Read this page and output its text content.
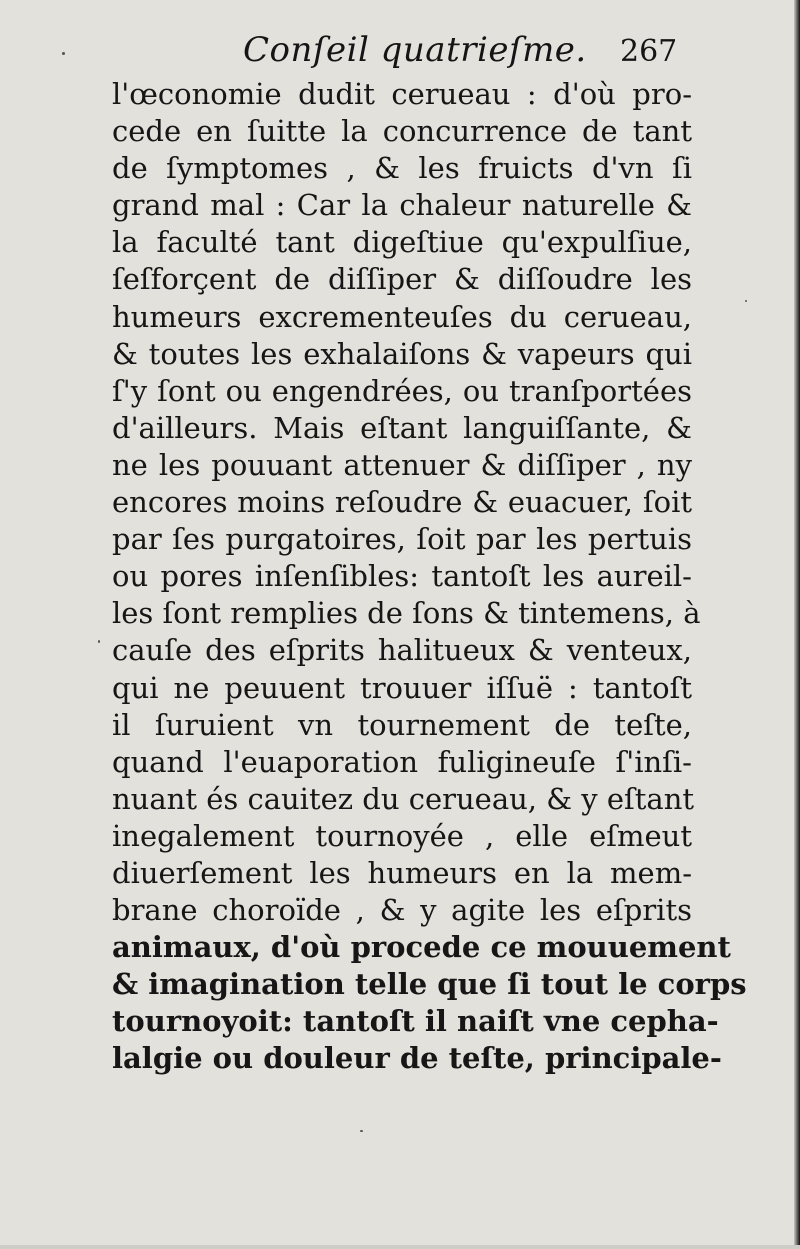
Conſeil quatrieſme. 267
l'œconomie dudit cerueau : d'où pro-
cede en ſuitte la concurrence de tant
de ſymptomes , & les fruicts d'vn ſi
grand mal : Car la chaleur naturelle &
la faculté tant digeſtiue qu'expulſiue,
ſeſforçent de diſſiper & diſſoudre les
humeurs excrementeuſes du cerueau,
& toutes les exhalaiſons & vapeurs qui
ſ'y ſont ou engendrées, ou tranſportées
d'ailleurs. Mais eſtant languiſſante, &
ne les pouuant attenuer & diſſiper , ny
encores moins reſoudre & euacuer, ſoit
par ſes purgatoires, ſoit par les pertuis
ou pores inſenſibles: tantoſt les aureil-
les ſont remplies de ſons & tintemens, à
cauſe des eſprits halitueux & venteux,
qui ne peuuent trouuer iſſuë : tantoſt
il ſuruient vn tournement de teſte,
quand l'euaporation fuligineuſe ſ'inſi-
nuant és cauitez du cerueau, & y eſtant
inegalement tournoyée , elle eſmeut
diuerſement les humeurs en la mem-
brane choroïde , & y agite les eſprits
animaux, d'où procede ce mouuement
& imagination telle que ſi tout le corps
tournoyoit: tantoſt il naiſt vne cepha-
lalgie ou douleur de teſte, principale-
